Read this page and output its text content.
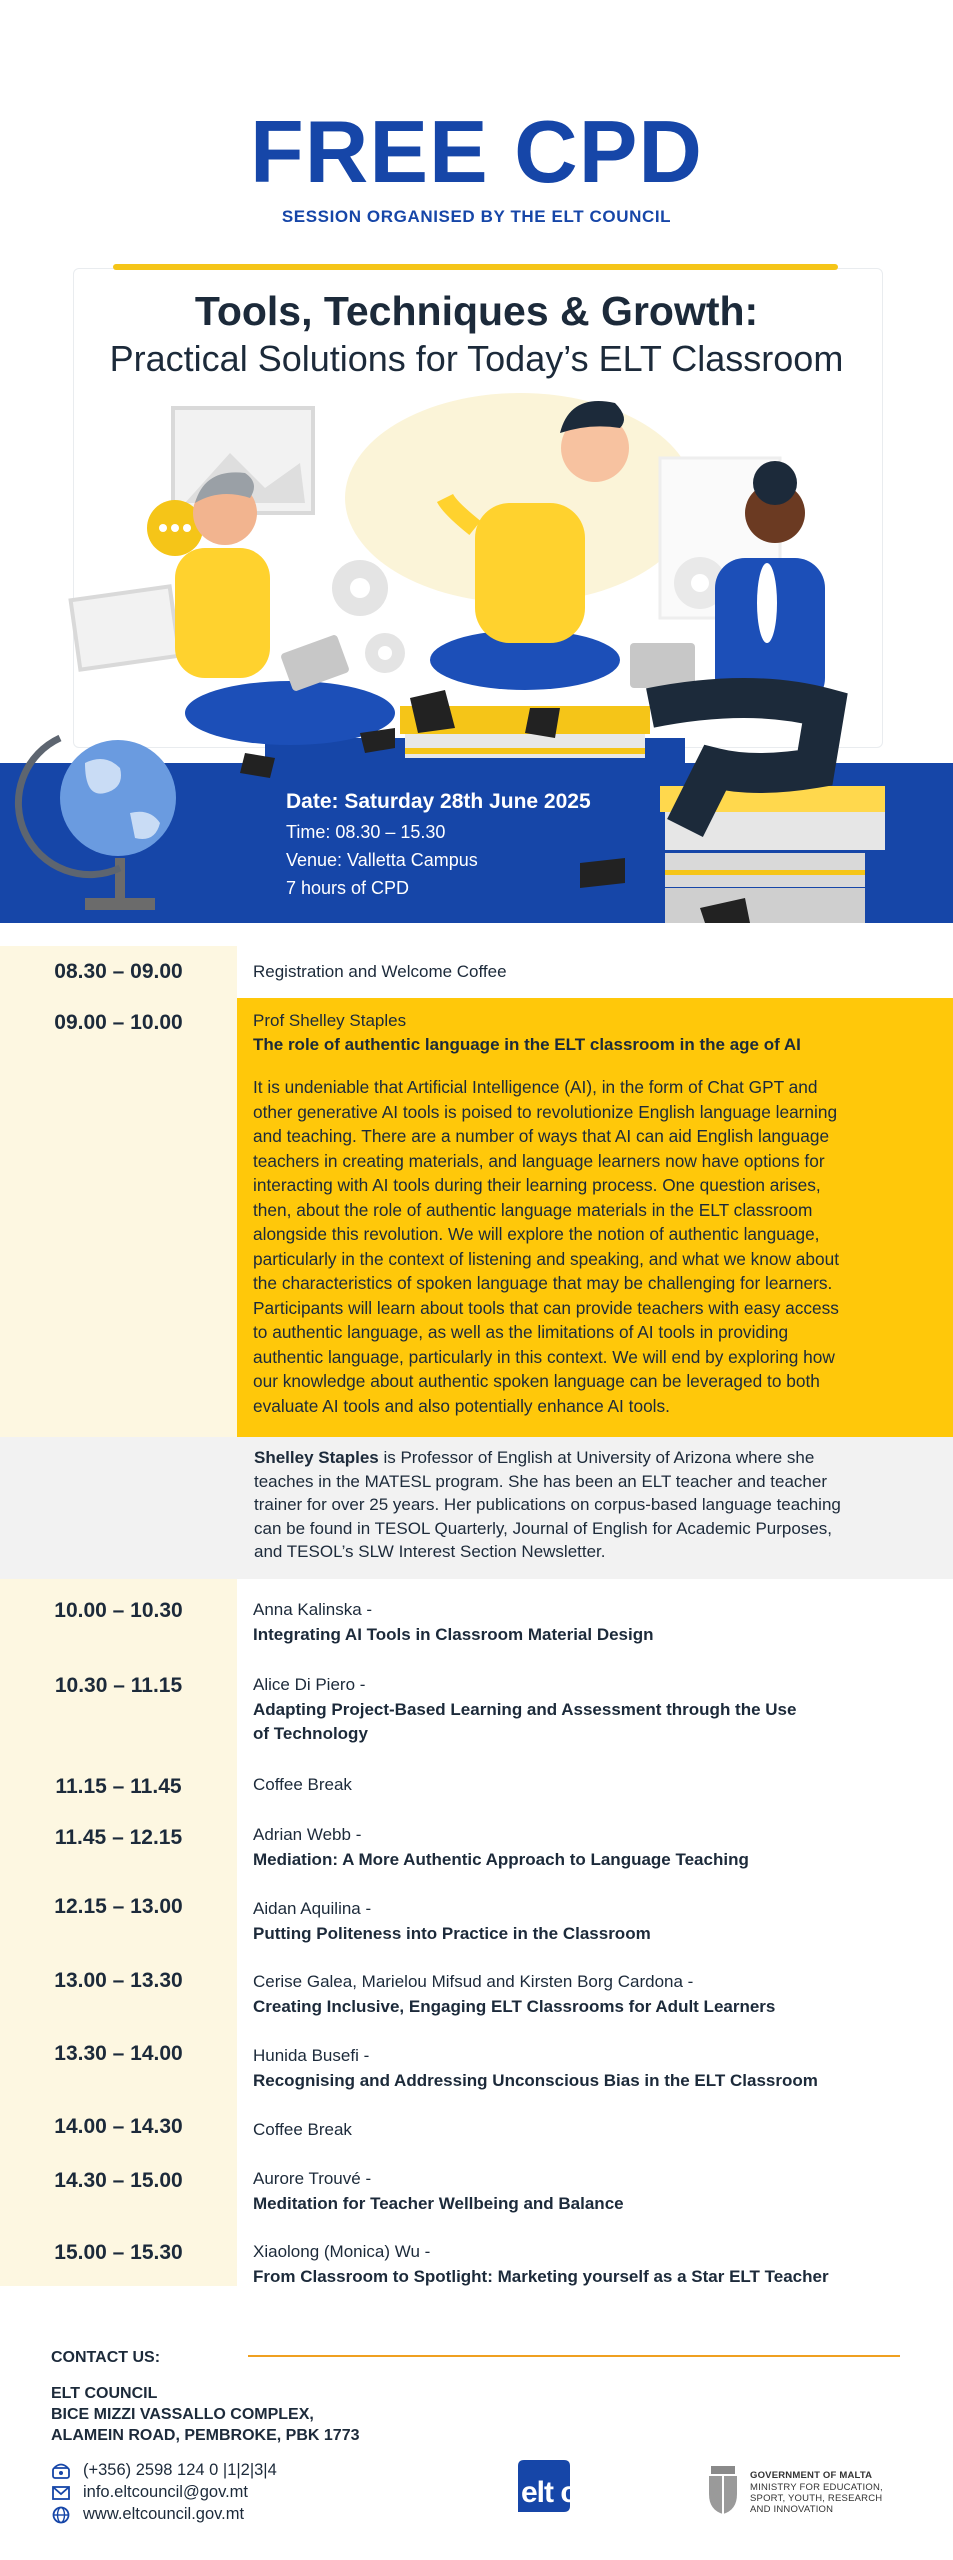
FREE CPD
SESSION ORGANISED BY THE ELT COUNCIL
Tools, Techniques & Growth:
Practical Solutions for Today’s ELT Classroom
Date: Saturday 28th June 2025
Time: 08.30 – 15.30
Venue: Valletta Campus
7 hours of CPD
08.30 – 09.00	Registration and Welcome Coffee
09.00 – 10.00	Prof Shelley Staples
The role of authentic language in the ELT classroom in the age of AI
It is undeniable that Artificial Intelligence (AI), in the form of Chat GPT and
other generative AI tools is poised to revolutionize English language learning
and teaching. There are a number of ways that AI can aid English language
teachers in creating materials, and language learners now have options for
interacting with AI tools during their learning process. One question arises,
then, about the role of authentic language materials in the ELT classroom
alongside this revolution. We will explore the notion of authentic language,
particularly in the context of listening and speaking, and what we know about
the characteristics of spoken language that may be challenging for learners.
Participants will learn about tools that can provide teachers with easy access
to authentic language, as well as the limitations of AI tools in providing
authentic language, particularly in this context. We will end by exploring how
our knowledge about authentic spoken language can be leveraged to both
evaluate AI tools and also potentially enhance AI tools.
Shelley Staples is Professor of English at University of Arizona where she
teaches in the MATESL program. She has been an ELT teacher and teacher
trainer for over 25 years. Her publications on corpus-based language teaching
can be found in TESOL Quarterly, Journal of English for Academic Purposes,
and TESOL’s SLW Interest Section Newsletter.
10.00 – 10.30	Anna Kalinska -
Integrating AI Tools in Classroom Material Design
10.30 – 11.15	Alice Di Piero -
Adapting Project-Based Learning and Assessment through the Use
of Technology
11.15 – 11.45	Coffee Break
11.45 – 12.15	Adrian Webb -
Mediation: A More Authentic Approach to Language Teaching
12.15 – 13.00	Aidan Aquilina -
Putting Politeness into Practice in the Classroom
13.00 – 13.30	Cerise Galea, Marielou Mifsud and Kirsten Borg Cardona -
Creating Inclusive, Engaging ELT Classrooms for Adult Learners
13.30 – 14.00	Hunida Busefi -
Recognising and Addressing Unconscious Bias in the ELT Classroom
14.00 – 14.30	Coffee Break
14.30 – 15.00	Aurore Trouvé -
Meditation for Teacher Wellbeing and Balance
15.00 – 15.30	Xiaolong (Monica) Wu -
From Classroom to Spotlight: Marketing yourself as a Star ELT Teacher
CONTACT US:
ELT COUNCIL
BICE MIZZI VASSALLO COMPLEX,
ALAMEIN ROAD, PEMBROKE, PBK 1773
(+356) 2598 124 0 |1|2|3|4
info.eltcouncil@gov.mt
www.eltcouncil.gov.mt
elt council
GOVERNMENT OF MALTA
MINISTRY FOR EDUCATION,
SPORT, YOUTH, RESEARCH
AND INNOVATION
